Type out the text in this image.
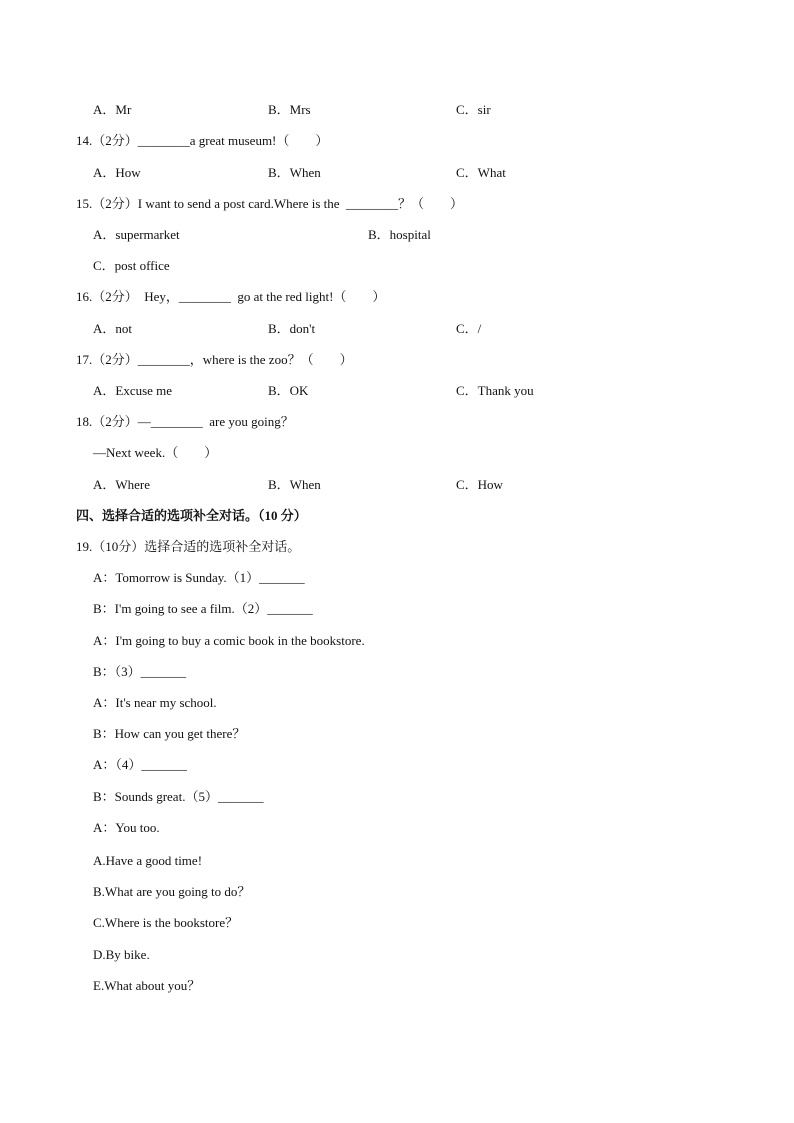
A．Mr	B．Mrs	C．sir
14.（2分）________a great museum!（　　）
A．How	B．When	C．What
15.（2分）I want to send a post card.Where is the  ________？（　　）
A．supermarket	B．hospital
C．post office
16.（2分）  Hey，________  go at the red light!（　　）
A．not	B．don't	C．/
17.（2分）________，where is the zoo？（　　）
A．Excuse me	B．OK	C．Thank you
18.（2分）—________  are you going？
—Next week.（　　）
A．Where	B．When	C．How
四、选择合适的选项补全对话。（10 分）
19.（10分）选择合适的选项补全对话。
A：Tomorrow is Sunday.（1）_______
B：I'm going to see a film.（2）_______
A：I'm going to buy a comic book in the bookstore.
B：（3）_______
A：It's near my school.
B：How can you get there？
A：（4）_______
B：Sounds great.（5）_______
A：You too.
A.Have a good time!
B.What are you going to do？
C.Where is the bookstore？
D.By bike.
E.What about you？
